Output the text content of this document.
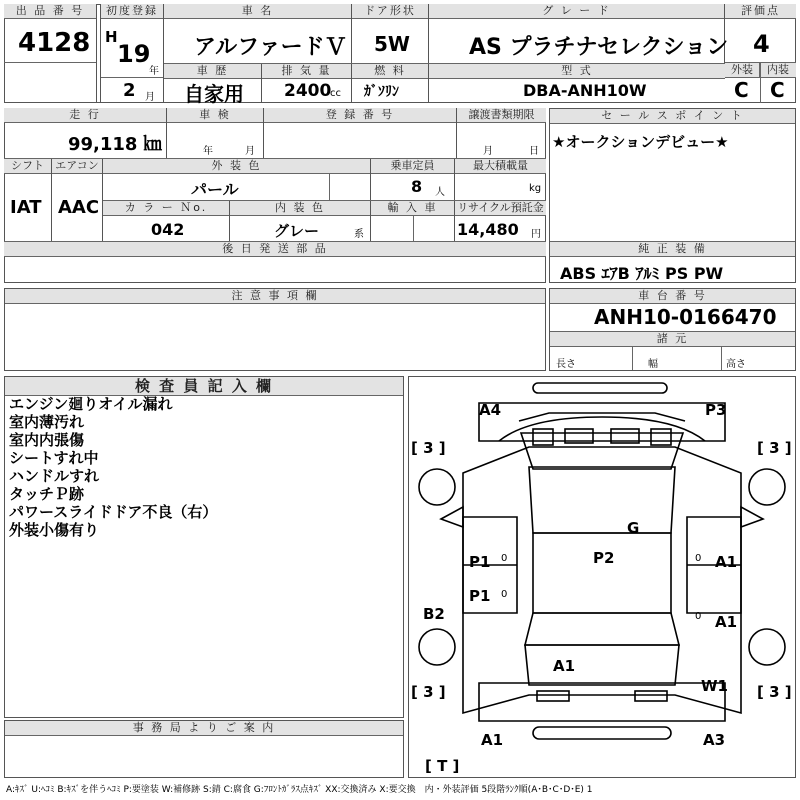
出 品 番 号
4128
初度登録
H
19
年
2 月
車 名
アルファードＶ
ドア形状
5W
グ レ ー ド
AS プラチナセレクション
評価点
4
外装	内装
C C
車 歴
自家用
排 気 量
2400
cc
燃 料
ｶﾞｿﾘﾝ
型 式
DBA-ANH10W
走 行
99,118 ㎞
車 検
年	月
登 録 番 号	譲渡書類期限
月	日
シフト
IAT
エアコン
AAC
外 装 色
パール
乗車定員
8 人
最大積載量
kg
カ ラ ー Ｎo.
042
内 装 色
グレー	系
輸 入 車	リサイクル預託金
14,480 円
後 日 発 送 部 品
セ ー ル ス ポ イ ン ト
★オークションデビュー★
純 正 装 備
ABS ｴｱB ｱﾙﾐ PS PW
注 意 事 項 欄	車 台 番 号
ANH10-0166470
諸 元
長さ	幅	高さ
検 査 員 記 入 欄
エンジン廻りオイル漏れ
室内薄汚れ
室内内張傷
シートすれ中
ハンドルすれ
タッチＰ跡
パワースライドドア不良（右）
外装小傷有り
事 務 局 よ り ご 案 内
A4	P3
G
P2
P1 0
P1 0
B2
A1
0
A1
0
A1
W1
A1	A3
[ 3 ]	[ 3 ]
[ 3 ]	[ 3 ]
[ T ]
A:ｷｽﾞ U:ﾍｺﾐ B:ｷｽﾞを伴うﾍｺﾐ P:要塗装 W:補修跡 S:錆 C:腐食 G:ﾌﾛﾝﾄｶﾞﾗｽ点ｷｽﾞ XX:交換済み X:要交換　内・外装評価 5段階ﾗﾝｸ順(A･B･C･D･E) 1
